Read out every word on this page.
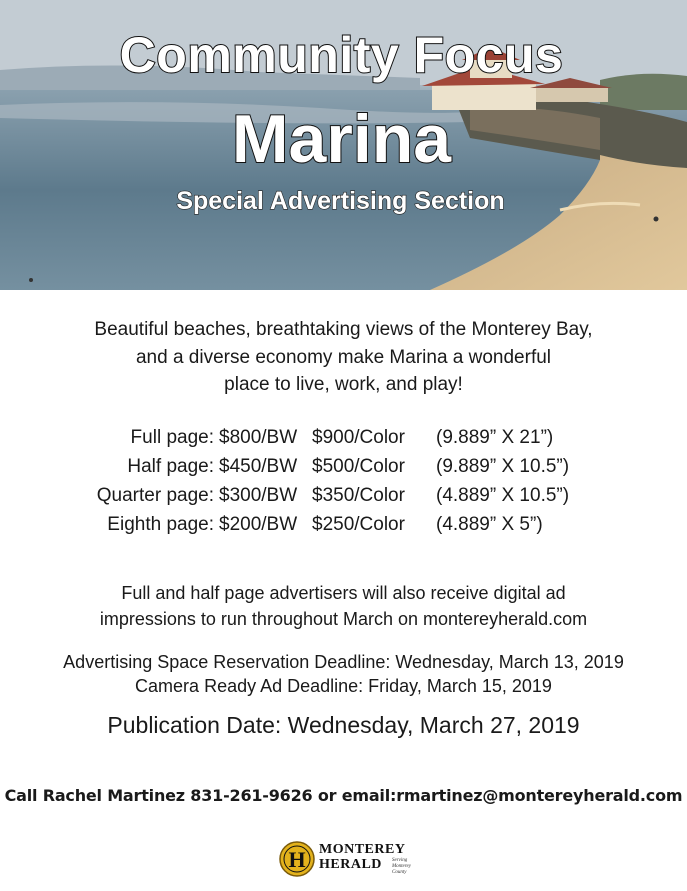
Community Focus
Marina
Special Advertising Section
Beautiful beaches, breathtaking views of the Monterey Bay,
and a diverse economy make Marina a wonderful
place to live, work, and play!
Full page: $800/BW $900/Color (9.889” X 21”)
Half page: $450/BW $500/Color (9.889” X 10.5”)
Quarter page: $300/BW $350/Color (4.889” X 10.5”)
Eighth page: $200/BW $250/Color (4.889” X 5”)
Full and half page advertisers will also receive digital ad
impressions to run throughout March on montereyherald.com
Advertising Space Reservation Deadline: Wednesday, March 13, 2019
Camera Ready Ad Deadline: Friday, March 15, 2019
Publication Date: Wednesday, March 27, 2019
Call Rachel Martinez 831-261-9626 or email:rmartinez@montereyherald.com
H MONTEREY
HERALD Serving Monterey County
